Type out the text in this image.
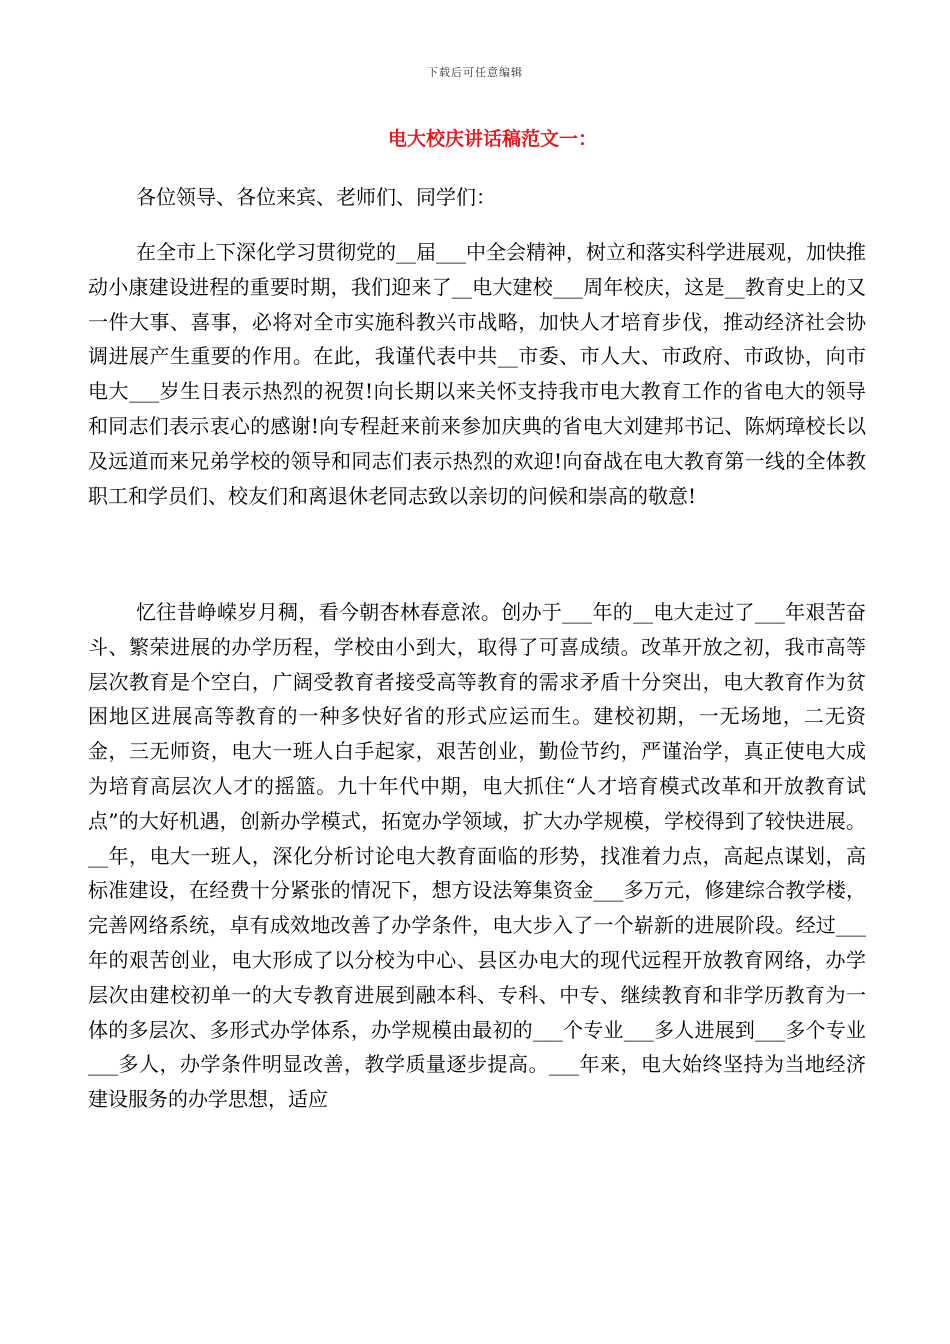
下载后可任意编辑
电大校庆讲话稿范文一：
各位领导、各位来宾、老师们、同学们：

在全市上下深化学习贯彻党的__届___中全会精神，树立和落实科学进展观，加快推动小康建设进程的重要时期，我们迎来了__电大建校___周年校庆，这是__教育史上的又一件大事、喜事，必将对全市实施科教兴市战略，加快人才培育步伐，推动经济社会协调进展产生重要的作用。在此，我谨代表中共__市委、市人大、市政府、市政协，向市电大___岁生日表示热烈的祝贺!向长期以来关怀支持我市电大教育工作的省电大的领导和同志们表示衷心的感谢!向专程赶来前来参加庆典的省电大刘建邦书记、陈炳璋校长以及远道而来兄弟学校的领导和同志们表示热烈的欢迎!向奋战在电大教育第一线的全体教职工和学员们、校友们和离退休老同志致以亲切的问候和崇高的敬意!

忆往昔峥嵘岁月稠，看今朝杏林春意浓。创办于___年的__电大走过了___年艰苦奋斗、繁荣进展的办学历程，学校由小到大，取得了可喜成绩。改革开放之初，我市高等层次教育是个空白，广阔受教育者接受高等教育的需求矛盾十分突出，电大教育作为贫困地区进展高等教育的一种多快好省的形式应运而生。建校初期，一无场地，二无资金，三无师资，电大一班人白手起家，艰苦创业，勤俭节约，严谨治学，真正使电大成为培育高层次人才的摇篮。九十年代中期，电大抓住“人才培育模式改革和开放教育试点”的大好机遇，创新办学模式，拓宽办学领域，扩大办学规模，学校得到了较快进展。__年，电大一班人，深化分析讨论电大教育面临的形势，找准着力点，高起点谋划，高标准建设，在经费十分紧张的情况下，想方设法筹集资金___多万元，修建综合教学楼，完善网络系统，卓有成效地改善了办学条件，电大步入了一个崭新的进展阶段。经过___年的艰苦创业，电大形成了以分校为中心、县区办电大的现代远程开放教育网络，办学层次由建校初单一的大专教育进展到融本科、专科、中专、继续教育和非学历教育为一体的多层次、多形式办学体系，办学规模由最初的___个专业___多人进展到___多个专业___多人，办学条件明显改善，教学质量逐步提高。___年来，电大始终坚持为当地经济建设服务的办学思想，适应
